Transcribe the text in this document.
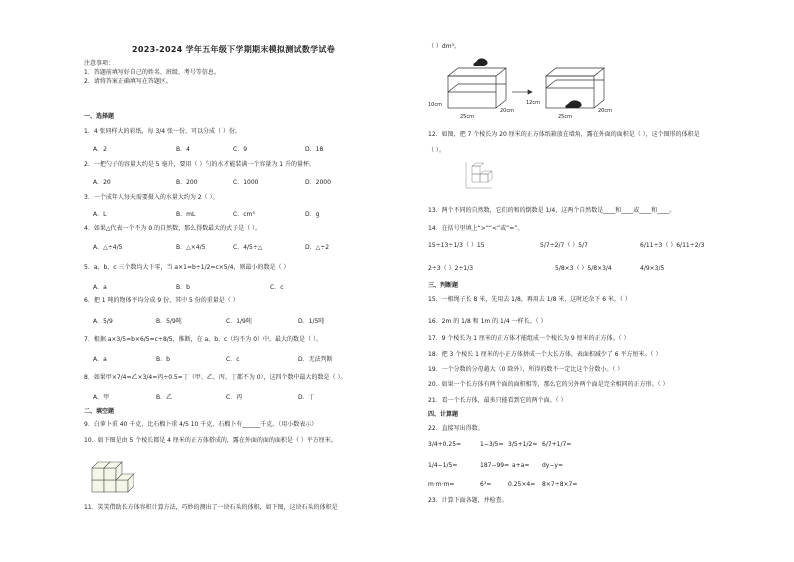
2023-2024 学年五年级下学期期末模拟测试数学试卷
注意事项：
1．答题前填写好自己的姓名、班级、考号等信息。
2．请将答案正确填写在答题区。
一、选择题
1．4 张同样大的彩纸，每 3/4 张一份，可以分成（ ）份。
A．2	B．4	C．9	D．18
2．一把勺子的容量大约是 5 毫升，要用（ ）勺的水才能装满一个容量为 1 升的量杯。
A．20	B．200	C．1000	D．2000
3．一个成年人每天需要摄入的水量大约为 2（ ）。
A．L	B．mL	C．cm³	D．g
4．如果△代表一个不为 0 的自然数，那么得数最大的式子是（ ）。
A．△÷4/5	B．△×4/5	C．4/5÷△	D．△÷2
5．a、b、c 三个数均大于零，当 a×1=b÷1/2=c×5/4，则最小的数是（ ）
A．a	B．b	C．c
6．把 1 吨的物体平均分成 9 份，其中 5 份的重量是（ ）
A．5/9	B．5/9吨	C．1/9吨	D．1/5吨
7．根据 a×3/5=b×6/5=c÷8/5，推断，在 a、b、c（均不为 0）中，最大的数是（ ）。
A．a	B．b	C．c	D．无法判断
8．如果甲×7/4=乙×3/4=丙÷0.5=丁（甲、乙、丙、丁都不为 0），这四个数中最大的数是（ ）。
A．甲	B．乙	C．丙	D．丁
二、填空题
9．白萝卜重 40 千克，比石榴卜重 4/5 10 千克，石榴卜有______千克。（用小数表示）
10．如下图是由 5 个棱长都是 4 厘米的正方体搭成的，露在外面的面的面积是（ ）平方厘米。
11．笑笑借助长方体容积计算方法，巧妙的测出了一块石头的体积，如下图，这块石头的体积是
（ ）dm³。
10cm
25cm
20cm
12cm
25cm
20cm
12．如图，把 7 个棱长为 20 厘米的正方体纸箱放在墙角，露在外面的面积是（ ），这个图形的体积是
（ ）。
13．两个不同的自然数，它们的和的倒数是 1/4，这两个自然数是____和____或____和____。
14．在括号里填上“>”“<”或“=”。
15÷13÷1/3（ ）15	5/7÷2/7（ ）5/7	6/11÷3（ ）6/11÷2/3
2÷3（ ）2÷1/3	5/8×3（ ）5/8×3/4	4/9×3/5
三、判断题
15．一根绳子长 8 米，先用去 1/8，再用去 1/8 米，这时还余下 6 米。（ ）
16．2m 的 1/8 和 1m 的 1/4 一样长。（ ）
17．9 个棱长为 1 厘米的正方体才能组成一个棱长为 9 厘米的正方体。（ ）
18．把 3 个棱长 1 厘米的小正方体拼成一个大长方体，表面积减少了 6 平方厘米。（ ）
19．一个分数的分母越大（0 除外），所得的数不一定比这个分数小。（ ）
20．如果一个长方体有两个面的面积相等，那么它的另外两个面是完全相同的正方形。（ ）
21．看一个长方体，最多只能看到它的两个面。（ ）
四、计算题
22．直接写出得数。
3/4+0.25=	1−3/5= 3/5+1/2= 6/7+1/7=
1/4−1/5=	187−99= a+a= dy−y=
m·m·m=	6³=	0.25×4= 8×7÷8×7=
23．计算下面各题，并检查。
